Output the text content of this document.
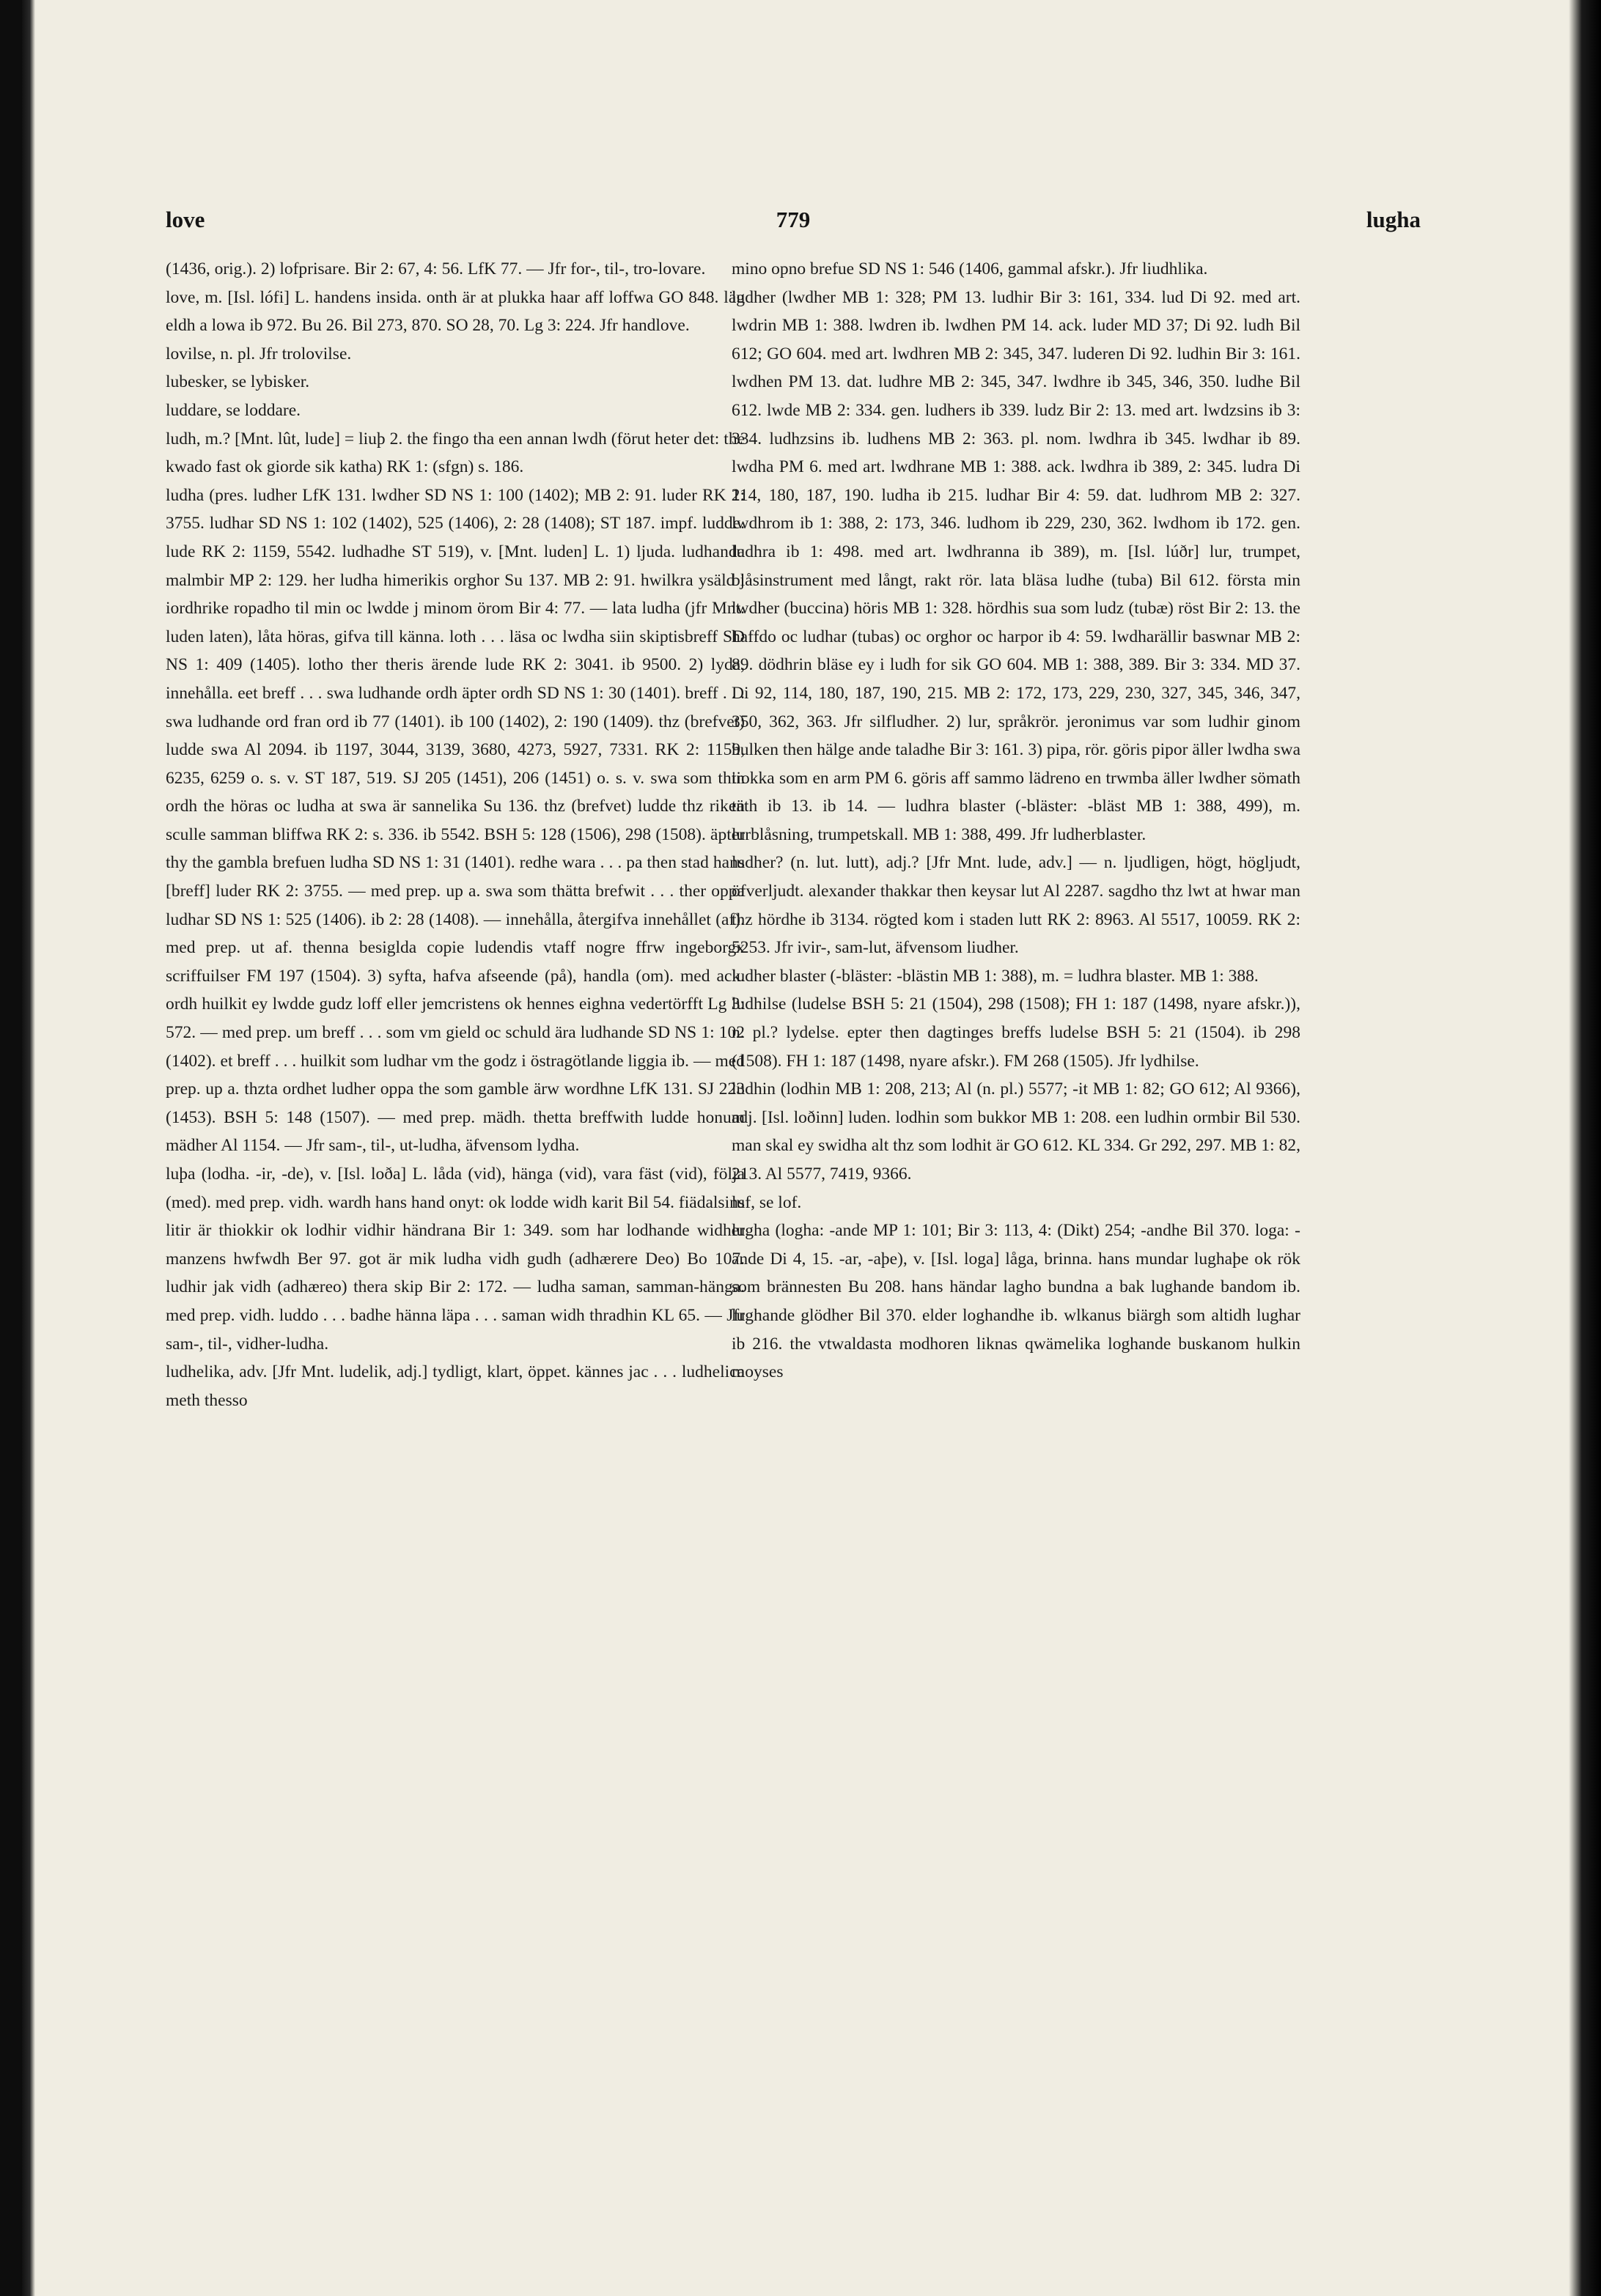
love	779	lugha

(1436, orig.). 2) lofprisare. Bir 2: 67, 4: 56. LfK 77. — Jfr for-, til-, tro-lovare.

love, m. [Isl. lófi] L. handens insida. onth är at plukka haar aff loffwa GO 848. läg eldh a lowa ib 972. Bu 26. Bil 273, 870. SO 28, 70. Lg 3: 224. Jfr handlove.

lovilse, n. pl. Jfr trolovilse.

lubesker, se lybisker.

luddare, se loddare.

ludh, m.? [Mnt. lût, lude] = liuþ 2. the fingo tha een annan lwdh (förut heter det: the kwado fast ok giorde sik katha) RK 1: (sfgn) s. 186.

ludha (pres. ludher LfK 131. lwdher SD NS 1: 100 (1402); MB 2: 91. luder RK 2: 3755. ludhar SD NS 1: 102 (1402), 525 (1406), 2: 28 (1408); ST 187. impf. ludde. lude RK 2: 1159, 5542. ludhadhe ST 519), v. [Mnt. luden] L. 1) ljuda. ludhanda malmbir MP 2: 129. her ludha himerikis orghor Su 137. MB 2: 91. hwilkra ysäld j iordhrike ropadho til min oc lwdde j minom örom Bir 4: 77. — lata ludha (jfr Mnt. luden laten), låta höras, gifva till känna. loth . . . läsa oc lwdha siin skiptisbreff SD NS 1: 409 (1405). lotho ther theris ärende lude RK 2: 3041. ib 9500. 2) lyda, innehålla. eet breff . . . swa ludhande ordh äpter ordh SD NS 1: 30 (1401). breff . . . swa ludhande ord fran ord ib 77 (1401). ib 100 (1402), 2: 190 (1409). thz (brefvet) ludde swa Al 2094. ib 1197, 3044, 3139, 3680, 4273, 5927, 7331. RK 2: 1159, 6235, 6259 o. s. v. ST 187, 519. SJ 205 (1451), 206 (1451) o. s. v. swa som thin ordh the höras oc ludha at swa är sannelika Su 136. thz (brefvet) ludde thz riken sculle samman bliffwa RK 2: s. 336. ib 5542. BSH 5: 128 (1506), 298 (1508). äpter thy the gambla brefuen ludha SD NS 1: 31 (1401). redhe wara . . . pa then stad hans [breff] luder RK 2: 3755. — med prep. up a. swa som thätta brefwit . . . ther oppa ludhar SD NS 1: 525 (1406). ib 2: 28 (1408). — innehålla, återgifva innehållet (af). med prep. ut af. thenna besiglda copie ludendis vtaff nogre ffrw ingeborgx scriffuilser FM 197 (1504). 3) syfta, hafva afseende (på), handla (om). med ack. ordh huilkit ey lwdde gudz loff eller jemcristens ok hennes eighna vedertörfft Lg 3: 572. — med prep. um breff . . . som vm gield oc schuld ära ludhande SD NS 1: 102 (1402). et breff . . . huilkit som ludhar vm the godz i östragötlande liggia ib. — med prep. up a. thzta ordhet ludher oppa the som gamble ärw wordhne LfK 131. SJ 223 (1453). BSH 5: 148 (1507). — med prep. mädh. thetta breffwith ludde honum mädher Al 1154. — Jfr sam-, til-, ut-ludha, äfvensom lydha.

luþa (lodha. -ir, -de), v. [Isl. loða] L. låda (vid), hänga (vid), vara fäst (vid), följa (med). med prep. vidh. wardh hans hand onyt: ok lodde widh karit Bil 54. fiädalsins litir är thiokkir ok lodhir vidhir händrana Bir 1: 349. som har lodhande widher manzens hwfwdh Ber 97. got är mik ludha vidh gudh (adhærere Deo) Bo 107. ludhir jak vidh (adhæreo) thera skip Bir 2: 172. — ludha saman, samman-hänga. med prep. vidh. luddo . . . badhe hänna läpa . . . saman widh thradhin KL 65. — Jfr sam-, til-, vidher-ludha.

ludhelika, adv. [Jfr Mnt. ludelik, adj.] tydligt, klart, öppet. kännes jac . . . ludhelica meth thesso

mino opno brefue SD NS 1: 546 (1406, gammal afskr.). Jfr liudhlika.

ludher (lwdher MB 1: 328; PM 13. ludhir Bir 3: 161, 334. lud Di 92. med art. lwdrin MB 1: 388. lwdren ib. lwdhen PM 14. ack. luder MD 37; Di 92. ludh Bil 612; GO 604. med art. lwdhren MB 2: 345, 347. luderen Di 92. ludhin Bir 3: 161. lwdhen PM 13. dat. ludhre MB 2: 345, 347. lwdhre ib 345, 346, 350. ludhe Bil 612. lwde MB 2: 334. gen. ludhers ib 339. ludz Bir 2: 13. med art. lwdzsins ib 3: 334. ludhzsins ib. ludhens MB 2: 363. pl. nom. lwdhra ib 345. lwdhar ib 89. lwdha PM 6. med art. lwdhrane MB 1: 388. ack. lwdhra ib 389, 2: 345. ludra Di 114, 180, 187, 190. ludha ib 215. ludhar Bir 4: 59. dat. ludhrom MB 2: 327. lwdhrom ib 1: 388, 2: 173, 346. ludhom ib 229, 230, 362. lwdhom ib 172. gen. ludhra ib 1: 498. med art. lwdhranna ib 389), m. [Isl. lúðr] lur, trumpet, blåsinstrument med långt, rakt rör. lata bläsa ludhe (tuba) Bil 612. första min lwdher (buccina) höris MB 1: 328. hördhis sua som ludz (tubæ) röst Bir 2: 13. the haffdo oc ludhar (tubas) oc orghor oc harpor ib 4: 59. lwdharällir baswnar MB 2: 89. dödhrin bläse ey i ludh for sik GO 604. MB 1: 388, 389. Bir 3: 334. MD 37. Di 92, 114, 180, 187, 190, 215. MB 2: 172, 173, 229, 230, 327, 345, 346, 347, 350, 362, 363. Jfr silfludher. 2) lur, språkrör. jeronimus var som ludhir ginom hulken then hälge ande taladhe Bir 3: 161. 3) pipa, rör. göris pipor äller lwdha swa tiokka som en arm PM 6. göris aff sammo lädreno en trwmba äller lwdher sömath täth ib 13. ib 14. — ludhra blaster (-bläster: -bläst MB 1: 388, 499), m. lurblåsning, trumpetskall. MB 1: 388, 499. Jfr ludherblaster.

ludher? (n. lut. lutt), adj.? [Jfr Mnt. lude, adv.] — n. ljudligen, högt, högljudt, öfverljudt. alexander thakkar then keysar lut Al 2287. sagdho thz lwt at hwar man thz hördhe ib 3134. rögted kom i staden lutt RK 2: 8963. Al 5517, 10059. RK 2: 5253. Jfr ivir-, sam-lut, äfvensom liudher.

ludher blaster (-bläster: -blästin MB 1: 388), m. = ludhra blaster. MB 1: 388.

ludhilse (ludelse BSH 5: 21 (1504), 298 (1508); FH 1: 187 (1498, nyare afskr.)), n. pl.? lydelse. epter then dagtinges breffs ludelse BSH 5: 21 (1504). ib 298 (1508). FH 1: 187 (1498, nyare afskr.). FM 268 (1505). Jfr lydhilse.

ludhin (lodhin MB 1: 208, 213; Al (n. pl.) 5577; -it MB 1: 82; GO 612; Al 9366), adj. [Isl. loðinn] luden. lodhin som bukkor MB 1: 208. een ludhin ormbir Bil 530. man skal ey swidha alt thz som lodhit är GO 612. KL 334. Gr 292, 297. MB 1: 82, 213. Al 5577, 7419, 9366.

luf, se lof.

lugha (logha: -ande MP 1: 101; Bir 3: 113, 4: (Dikt) 254; -andhe Bil 370. loga: -ande Di 4, 15. -ar, -aþe), v. [Isl. loga] låga, brinna. hans mundar lughaþe ok rök som brännesten Bu 208. hans händar lagho bundna a bak lughande bandom ib. lughande glödher Bil 370. elder loghandhe ib. wlkanus biärgh som altidh lughar ib 216. the vtwaldasta modhoren liknas qwämelika loghande buskanom hulkin moyses
